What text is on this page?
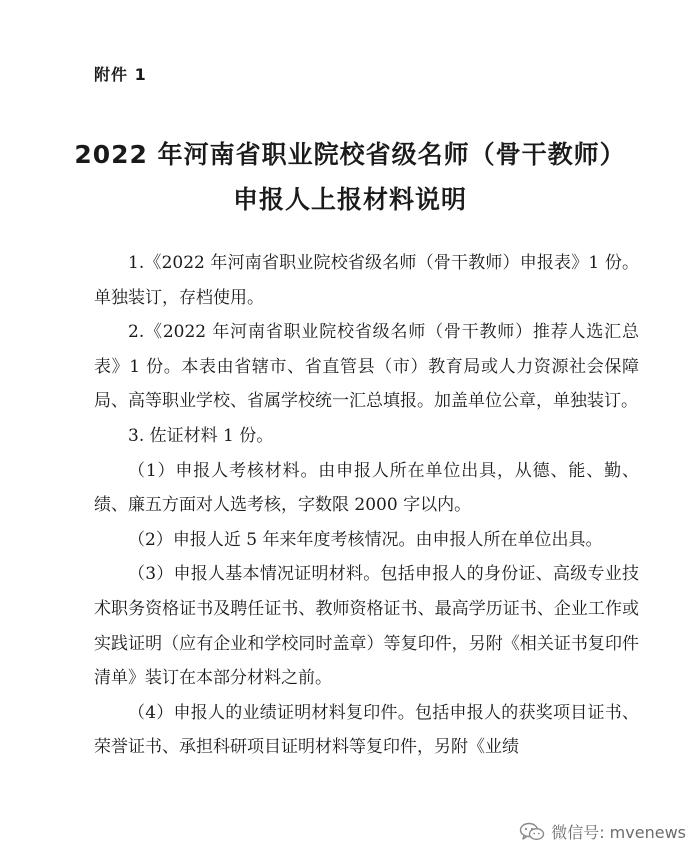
附件 1
2022 年河南省职业院校省级名师（骨干教师）
申报人上报材料说明

1.《2022 年河南省职业院校省级名师（骨干教师）申报表》1 份。单独装订，存档使用。

2.《2022 年河南省职业院校省级名师（骨干教师）推荐人选汇总表》1 份。本表由省辖市、省直管县（市）教育局或人力资源社会保障局、高等职业学校、省属学校统一汇总填报。加盖单位公章，单独装订。

3. 佐证材料 1 份。

（1）申报人考核材料。由申报人所在单位出具，从德、能、勤、绩、廉五方面对人选考核，字数限 2000 字以内。

（2）申报人近 5 年来年度考核情况。由申报人所在单位出具。

（3）申报人基本情况证明材料。包括申报人的身份证、高级专业技术职务资格证书及聘任证书、教师资格证书、最高学历证书、企业工作或实践证明（应有企业和学校同时盖章）等复印件，另附《相关证书复印件清单》装订在本部分材料之前。

（4）申报人的业绩证明材料复印件。包括申报人的获奖项目证书、荣誉证书、承担科研项目证明材料等复印件，另附《业绩

微信号: mvenews
